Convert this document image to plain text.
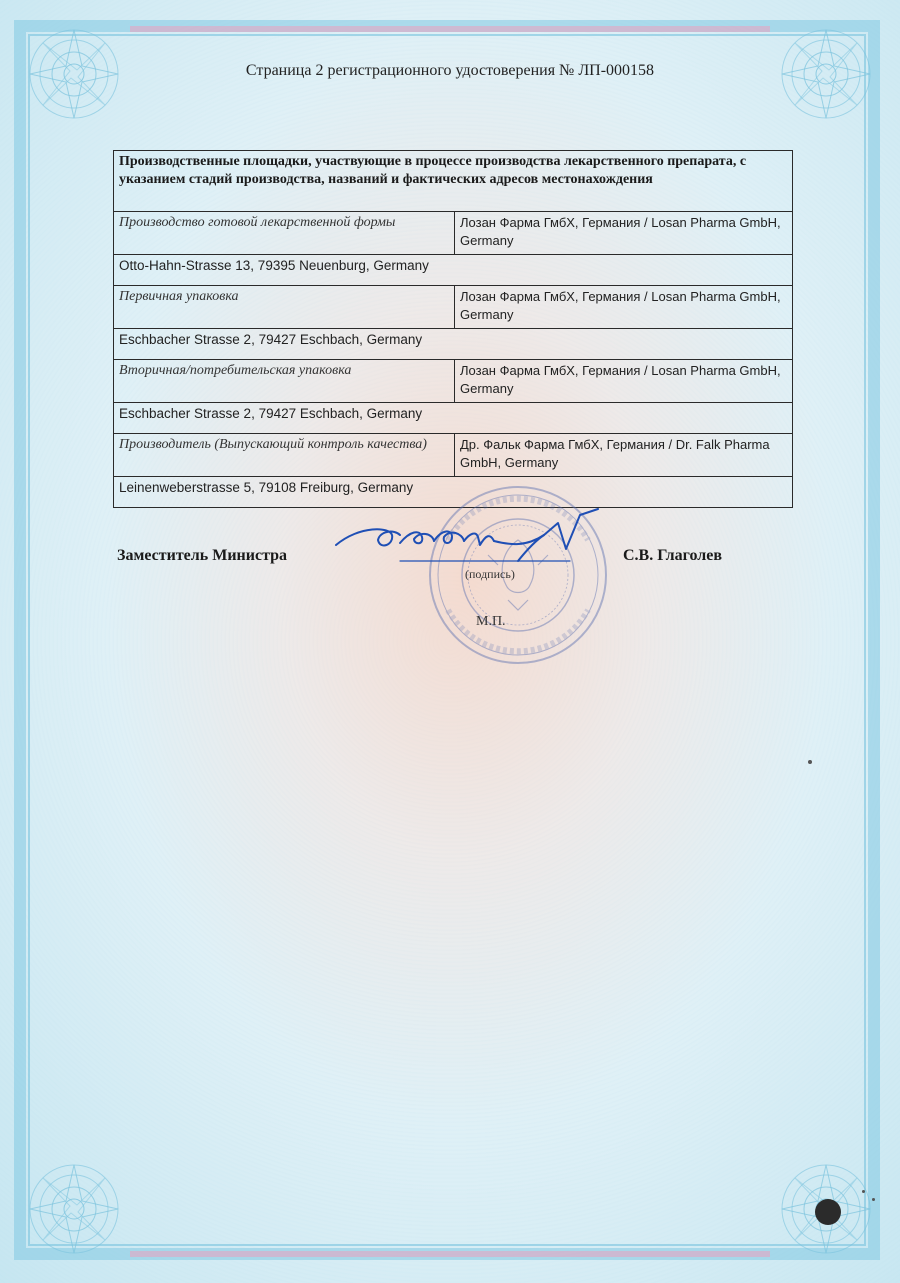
Страница 2 регистрационного удостоверения № ЛП-000158
Производственные площадки, участвующие в процессе производства лекарственного препарата, с указанием стадий производства, названий и фактических адресов местонахождения	
Производство готовой лекарственной формы	Лозан Фарма ГмбХ, Германия / Losan Pharma GmbH, Germany
Otto-Hahn-Strasse 13, 79395 Neuenburg, Germany	
Первичная упаковка	Лозан Фарма ГмбХ, Германия / Losan Pharma GmbH, Germany
Eschbacher Strasse 2, 79427 Eschbach, Germany	
Вторичная/потребительская упаковка	Лозан Фарма ГмбХ, Германия / Losan Pharma GmbH, Germany
Eschbacher Strasse 2, 79427 Eschbach, Germany	
Производитель (Выпускающий контроль качества)	Др. Фальк Фарма ГмбХ, Германия / Dr. Falk Pharma GmbH, Germany
Leinenweberstrasse 5, 79108 Freiburg, Germany	
Заместитель Министра	С.В. Глаголев
(подпись)
М.П.
